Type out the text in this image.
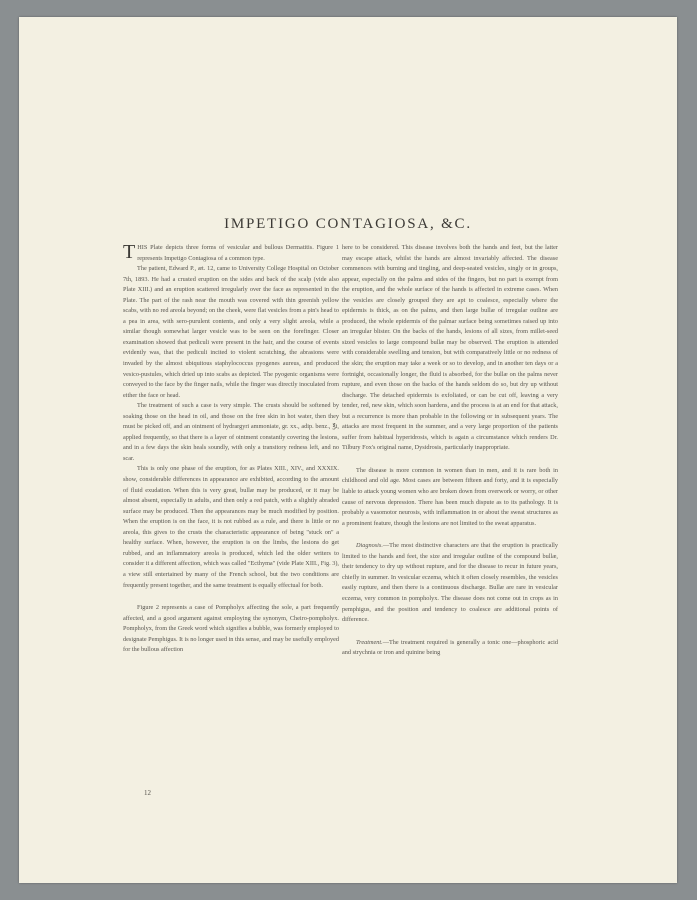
IMPETIGO CONTAGIOSA, &C.

THIS Plate depicts three forms of vesicular and bullous Dermatitis. Figure 1 represents Impetigo Contagiosa of a common type.

The patient, Edward P., æt. 12, came to University College Hospital on October 7th, 1893. He had a crusted eruption on the sides and back of the scalp (vide also Plate XIII.) and an eruption scattered irregularly over the face as represented in the Plate. The part of the rash near the mouth was covered with thin greenish yellow scabs, with no red areola beyond; on the cheek, were flat vesicles from a pin's head to a pea in area, with sero-purulent contents, and only a very slight areola, while a similar though somewhat larger vesicle was to be seen on the forefinger. Closer examination showed that pediculi were present in the hair, and the course of events evidently was, that the pediculi incited to violent scratching, the abrasions were invaded by the almost ubiquitous staphylococcus pyogenes aureus, and produced vesico-pustules, which dried up into scabs as depicted. The pyogenic organisms were conveyed to the face by the finger nails, while the finger was directly inoculated from either the face or head.

The treatment of such a case is very simple. The crusts should be softened by soaking those on the head in oil, and those on the free skin in hot water, then they must be picked off, and an ointment of hydrargyri ammoniate, gr. xx., adip. benz., ℥i, applied frequently, so that there is a layer of ointment constantly covering the lesions, and in a few days the skin heals soundly, with only a transitory redness left, and no scar.

This is only one phase of the eruption, for as Plates XIII., XIV., and XXXIX. show, considerable differences in appearance are exhibited, according to the amount of fluid exudation. When this is very great, bullæ may be produced, or it may be almost absent, especially in adults, and then only a red patch, with a slightly abraded surface may be produced. Then the appearances may be much modified by position. When the eruption is on the face, it is not rubbed as a rule, and there is little or no areola, this gives to the crusts the characteristic appearance of being "stuck on" a healthy surface. When, however, the eruption is on the limbs, the lesions do get rubbed, and an inflammatory areola is produced, which led the older writers to consider it a different affection, which was called "Ecthyma" (vide Plate XIII., Fig. 3), a view still entertained by many of the French school, but the two conditions are frequently present together, and the same treatment is equally effectual for both.

Figure 2 represents a case of Pompholyx affecting the sole, a part frequently affected, and a good argument against employing the synonym, Cheiro-pompholyx. Pompholyx, from the Greek word which signifies a bubble, was formerly employed to designate Pemphigus. It is no longer used in this sense, and may be usefully employed for the bullous affection

here to be considered. This disease involves both the hands and feet, but the latter may escape attack, whilst the hands are almost invariably affected. The disease commences with burning and tingling, and deep-seated vesicles, singly or in groups, appear, especially on the palms and sides of the fingers, but no part is exempt from the eruption, and the whole surface of the hands is affected in extreme cases. When the vesicles are closely grouped they are apt to coalesce, especially where the epidermis is thick, as on the palms, and then large bullæ of irregular outline are produced, the whole epidermis of the palmar surface being sometimes raised up into an irregular blister. On the backs of the hands, lesions of all sizes, from millet-seed sized vesicles to large compound bullæ may be observed. The eruption is attended with considerable swelling and tension, but with comparatively little or no redness of the skin; the eruption may take a week or so to develop, and in another ten days or a fortnight, occasionally longer, the fluid is absorbed, for the bullæ on the palms never rupture, and even those on the backs of the hands seldom do so, but dry up without discharge. The detached epidermis is exfoliated, or can be cut off, leaving a very tender, red, new skin, which soon hardens, and the process is at an end for that attack, but a recurrence is more than probable in the following or in subsequent years. The attacks are most frequent in the summer, and a very large proportion of the patients suffer from habitual hyperidrosis, which is again a circumstance which renders Dr. Tilbury Fox's original name, Dysidrosis, particularly inappropriate.

The disease is more common in women than in men, and it is rare both in childhood and old age. Most cases are between fifteen and forty, and it is especially liable to attack young women who are broken down from overwork or worry, or other cause of nervous depression. There has been much dispute as to its pathology. It is probably a vasomotor neurosis, with inflammation in or about the sweat structures as a prominent feature, though the lesions are not limited to the sweat apparatus.

Diagnosis.—The most distinctive characters are that the eruption is practically limited to the hands and feet, the size and irregular outline of the compound bullæ, their tendency to dry up without rupture, and for the disease to recur in future years, chiefly in summer. In vesicular eczema, which it often closely resembles, the vesicles easily rupture, and then there is a continuous discharge. Bullæ are rare in vesicular eczema, very common in pompholyx. The disease does not come out in crops as in pemphigus, and the position and tendency to coalesce are additional points of difference.

Treatment.—The treatment required is generally a tonic one—phosphoric acid and strychnia or iron and quinine being

12
